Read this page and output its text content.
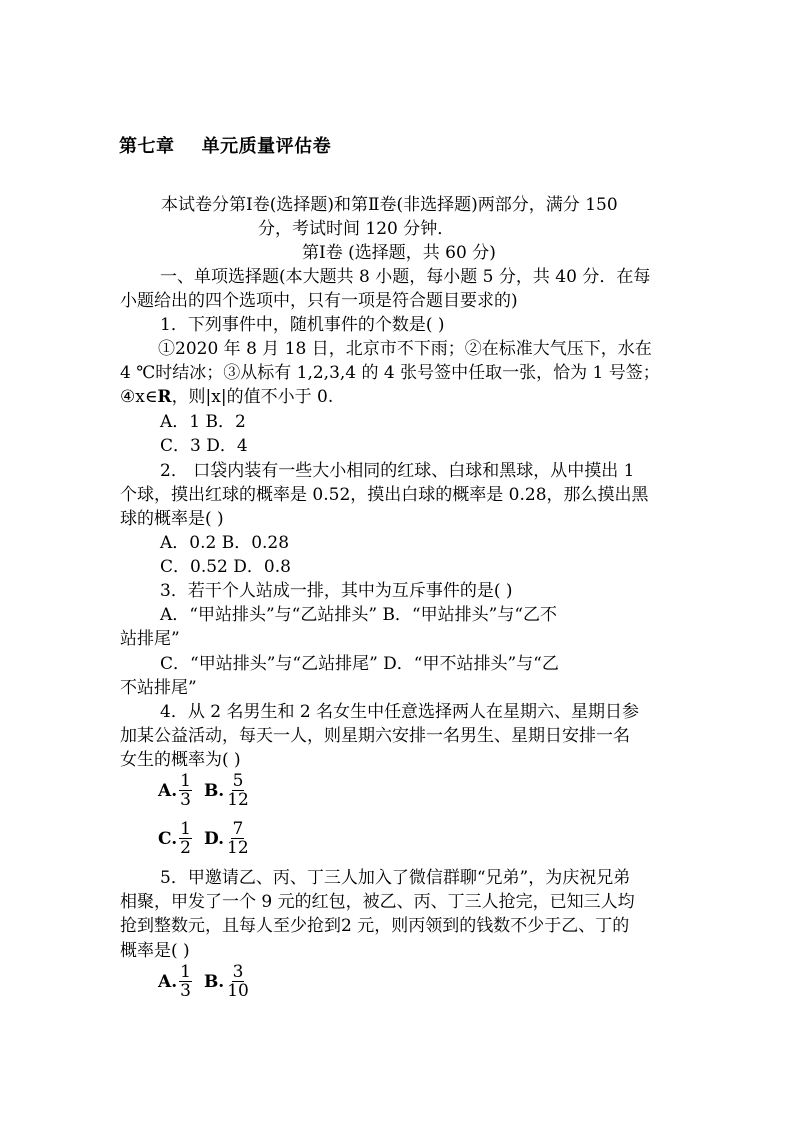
第七章    单元质量评估卷
本试卷分第Ⅰ卷(选择题)和第Ⅱ卷(非选择题)两部分，满分 150
分，考试时间 120 分钟．
第Ⅰ卷 (选择题，共 60 分)
一、单项选择题(本大题共 8 小题，每小题 5 分，共 40 分．在每
小题给出的四个选项中，只有一项是符合题目要求的)
1．下列事件中，随机事件的个数是( )
①2020 年 8 月 18 日，北京市不下雨；②在标准大气压下，水在
4 ℃时结冰；③从标有 1,2,3,4 的 4 张号签中任取一张，恰为 1 号签；
④x∈R，则|x|的值不小于 0.
A．1 B．2
C．3 D．4
2． 口袋内装有一些大小相同的红球、白球和黑球，从中摸出 1
个球，摸出红球的概率是 0.52，摸出白球的概率是 0.28，那么摸出黑
球的概率是( )
A．0.2 B．0.28
C．0.52 D．0.8
3．若干个人站成一排，其中为互斥事件的是( )
A．“甲站排头”与“乙站排头” B．“甲站排头”与“乙不
站排尾”
C．“甲站排头”与“乙站排尾” D．“甲不站排头”与“乙
不站排尾”
4．从 2 名男生和 2 名女生中任意选择两人在星期六、星期日参
加某公益活动，每天一人，则星期六安排一名男生、星期日安排一名
女生的概率为( )
A. $\frac{1}{3} B$. $\frac{5}{12}$
C. $\frac{1}{2} D$. $\frac{7}{12}$
5．甲邀请乙、丙、丁三人加入了微信群聊“兄弟”，为庆祝兄弟
相聚，甲发了一个 9 元的红包，被乙、丙、丁三人抢完，已知三人均
抢到整数元，且每人至少抢到2 元，则丙领到的钱数不少于乙、丁的
概率是( )
A. $\frac{1}{3} B$. $\frac{3}{10}$
